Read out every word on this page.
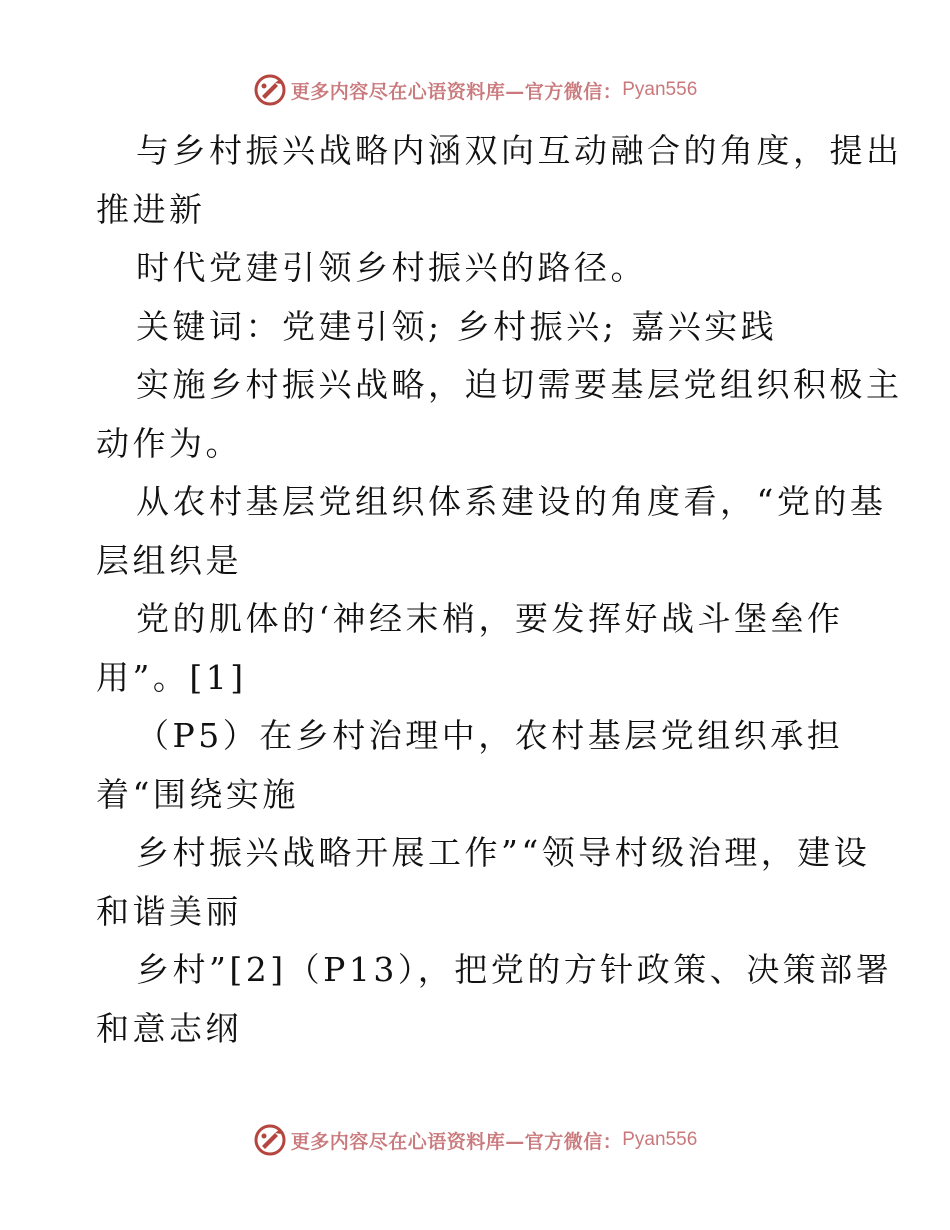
更多内容尽在心语资料库—官方微信： Pyan556

与乡村振兴战略内涵双向互动融合的角度，提出
推进新

时代党建引领乡村振兴的路径。

关键词：党建引领; 乡村振兴; 嘉兴实践

实施乡村振兴战略，迫切需要基层党组织积极主
动作为。

从农村基层党组织体系建设的角度看，“党的基
层组织是

党的肌体的‘神经末梢，要发挥好战斗堡垒作
用”。[1]

（P5）在乡村治理中，农村基层党组织承担
着“围绕实施

乡村振兴战略开展工作”“领导村级治理，建设
和谐美丽

乡村”[2]（P13），把党的方针政策、决策部署
和意志纲

更多内容尽在心语资料库—官方微信： Pyan556
